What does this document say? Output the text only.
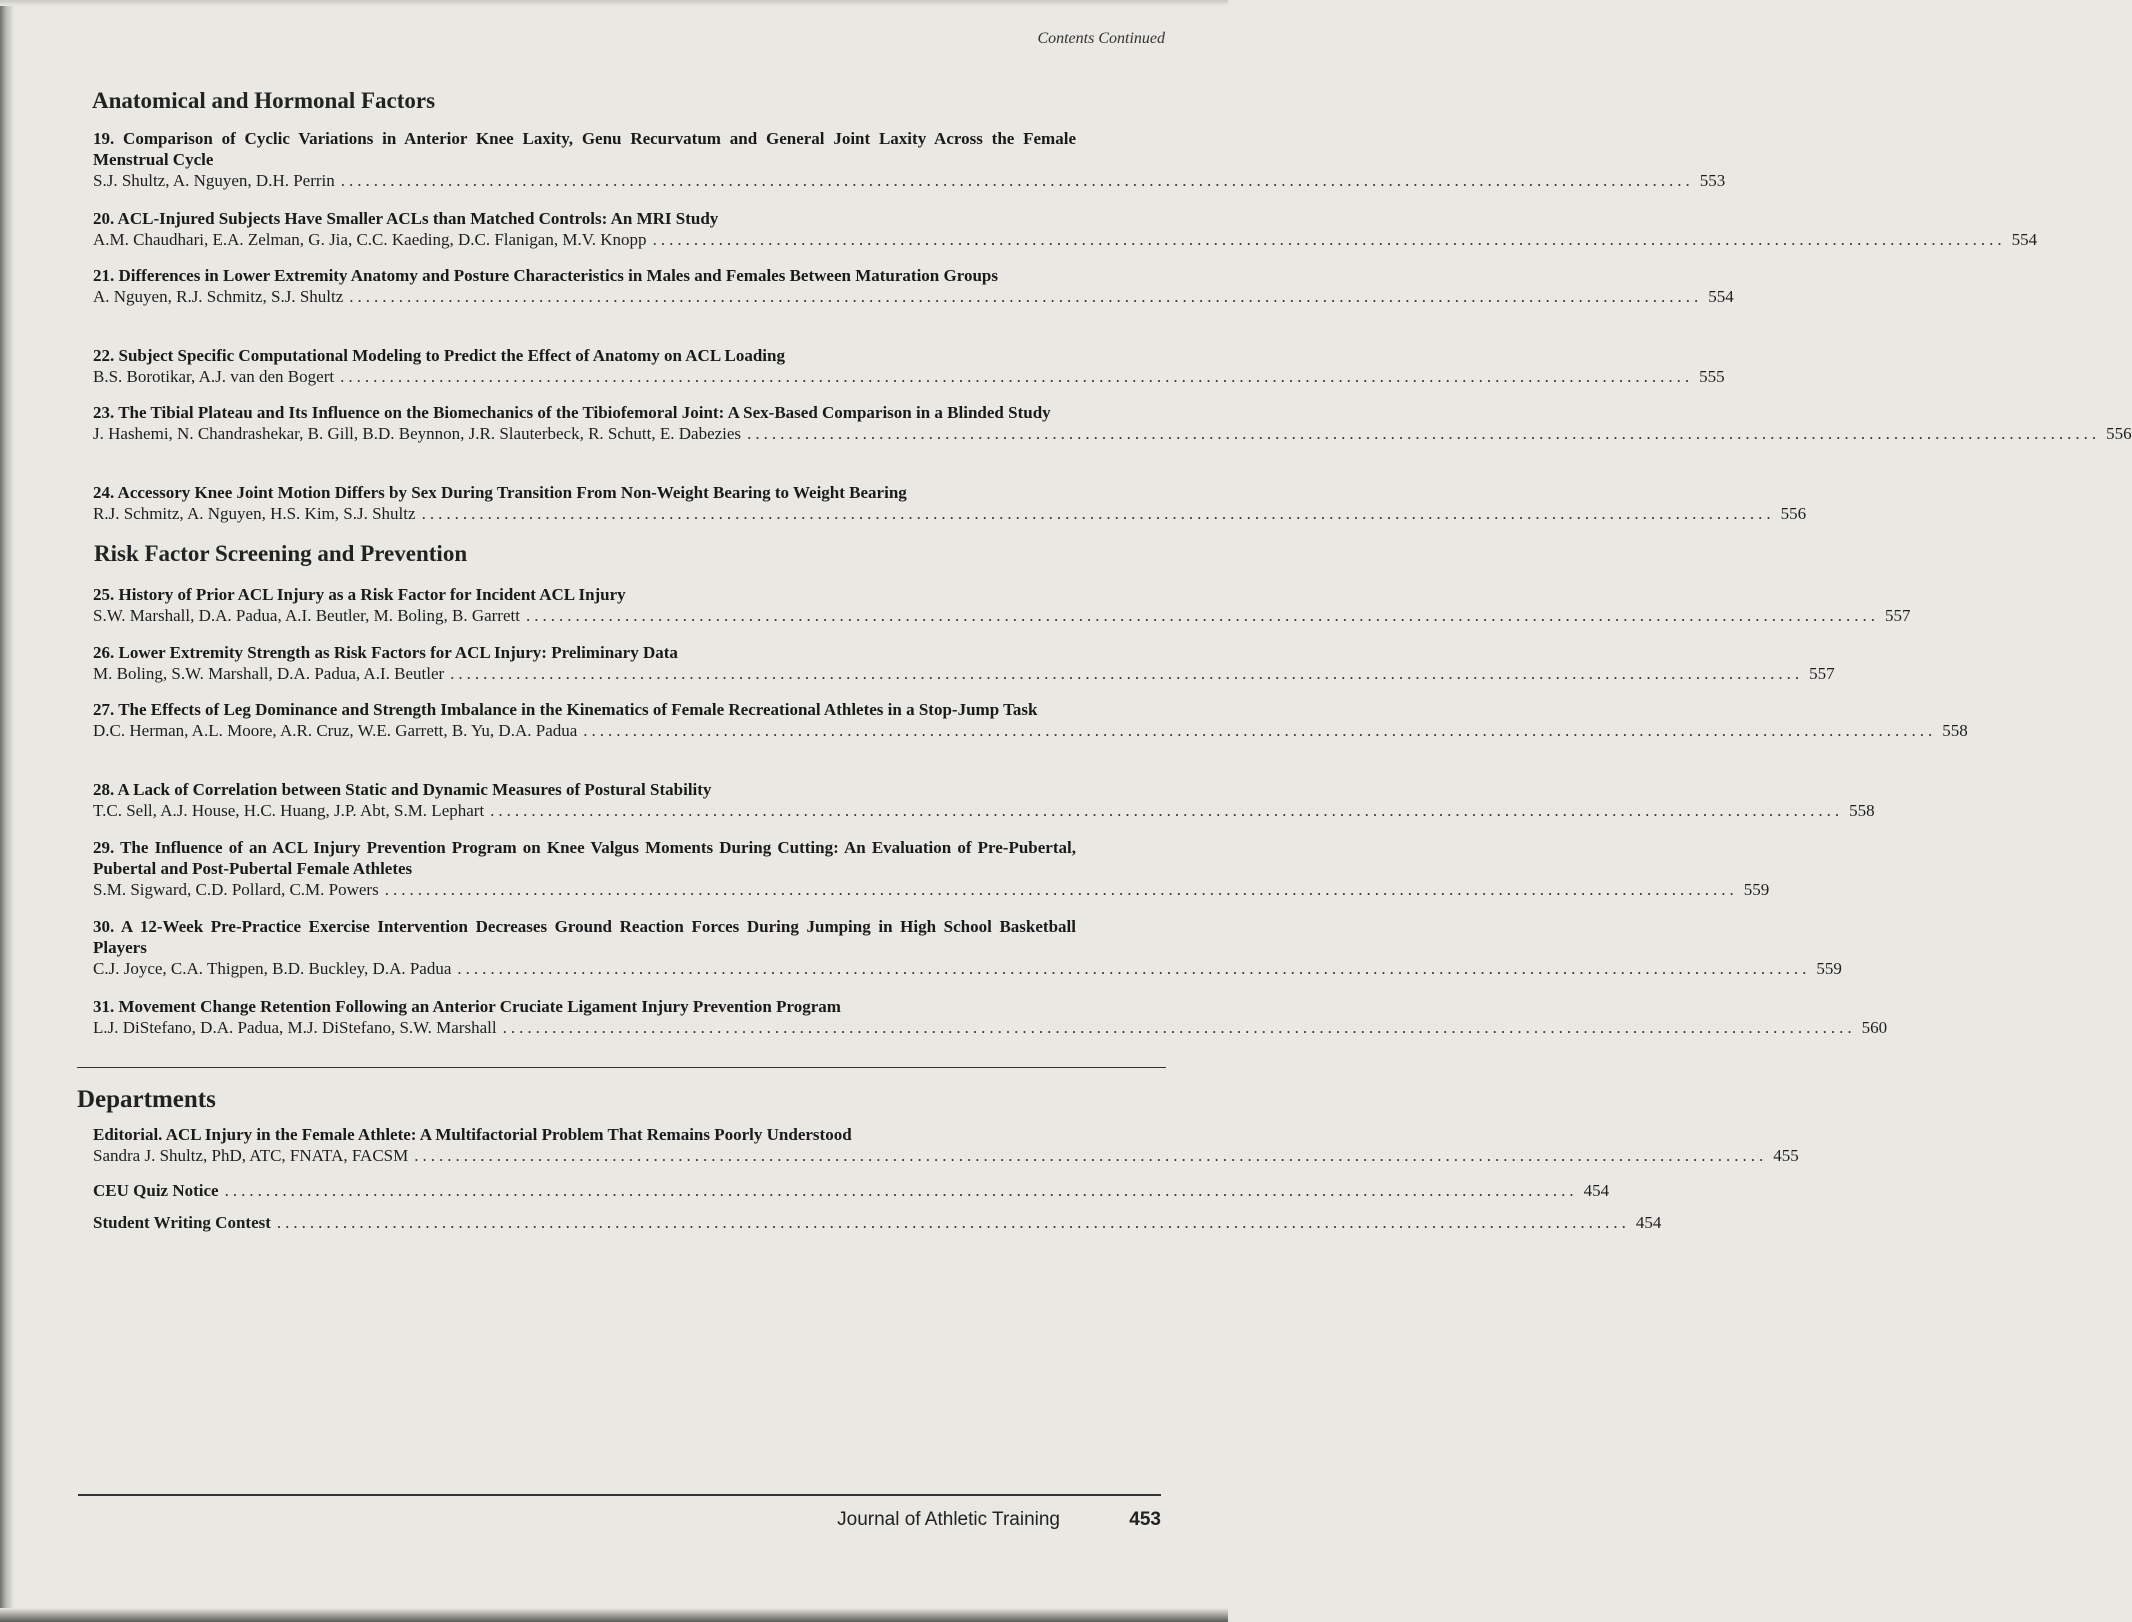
Contents Continued
Anatomical and Hormonal Factors
19. Comparison of Cyclic Variations in Anterior Knee Laxity, Genu Recurvatum and General Joint Laxity Across the Female Menstrual Cycle
S.J. Shultz, A. Nguyen, D.H. Perrin .................................................................................................................................................................... 553
20. ACL-Injured Subjects Have Smaller ACLs than Matched Controls: An MRI Study
A.M. Chaudhari, E.A. Zelman, G. Jia, C.C. Kaeding, D.C. Flanigan, M.V. Knopp .................................................................................................................................................................... 554
21. Differences in Lower Extremity Anatomy and Posture Characteristics in Males and Females Between Maturation Groups
A. Nguyen, R.J. Schmitz, S.J. Shultz .................................................................................................................................................................... 554
22. Subject Specific Computational Modeling to Predict the Effect of Anatomy on ACL Loading
B.S. Borotikar, A.J. van den Bogert .................................................................................................................................................................... 555
23. The Tibial Plateau and Its Influence on the Biomechanics of the Tibiofemoral Joint: A Sex-Based Comparison in a Blinded Study
J. Hashemi, N. Chandrashekar, B. Gill, B.D. Beynnon, J.R. Slauterbeck, R. Schutt, E. Dabezies .................................................................................................................................................................... 556
24. Accessory Knee Joint Motion Differs by Sex During Transition From Non-Weight Bearing to Weight Bearing
R.J. Schmitz, A. Nguyen, H.S. Kim, S.J. Shultz .................................................................................................................................................................... 556
Risk Factor Screening and Prevention
25. History of Prior ACL Injury as a Risk Factor for Incident ACL Injury
S.W. Marshall, D.A. Padua, A.I. Beutler, M. Boling, B. Garrett .................................................................................................................................................................... 557
26. Lower Extremity Strength as Risk Factors for ACL Injury: Preliminary Data
M. Boling, S.W. Marshall, D.A. Padua, A.I. Beutler .................................................................................................................................................................... 557
27. The Effects of Leg Dominance and Strength Imbalance in the Kinematics of Female Recreational Athletes in a Stop-Jump Task
D.C. Herman, A.L. Moore, A.R. Cruz, W.E. Garrett, B. Yu, D.A. Padua .................................................................................................................................................................... 558
28. A Lack of Correlation between Static and Dynamic Measures of Postural Stability
T.C. Sell, A.J. House, H.C. Huang, J.P. Abt, S.M. Lephart .................................................................................................................................................................... 558
29. The Influence of an ACL Injury Prevention Program on Knee Valgus Moments During Cutting: An Evaluation of Pre-Pubertal, Pubertal and Post-Pubertal Female Athletes
S.M. Sigward, C.D. Pollard, C.M. Powers .................................................................................................................................................................... 559
30. A 12-Week Pre-Practice Exercise Intervention Decreases Ground Reaction Forces During Jumping in High School Basketball Players
C.J. Joyce, C.A. Thigpen, B.D. Buckley, D.A. Padua .................................................................................................................................................................... 559
31. Movement Change Retention Following an Anterior Cruciate Ligament Injury Prevention Program
L.J. DiStefano, D.A. Padua, M.J. DiStefano, S.W. Marshall .................................................................................................................................................................... 560
Departments
Editorial. ACL Injury in the Female Athlete: A Multifactorial Problem That Remains Poorly Understood
Sandra J. Shultz, PhD, ATC, FNATA, FACSM .................................................................................................................................................................... 455
CEU Quiz Notice .................................................................................................................................................................... 454
Student Writing Contest .................................................................................................................................................................... 454
Journal of Athletic Training	453
